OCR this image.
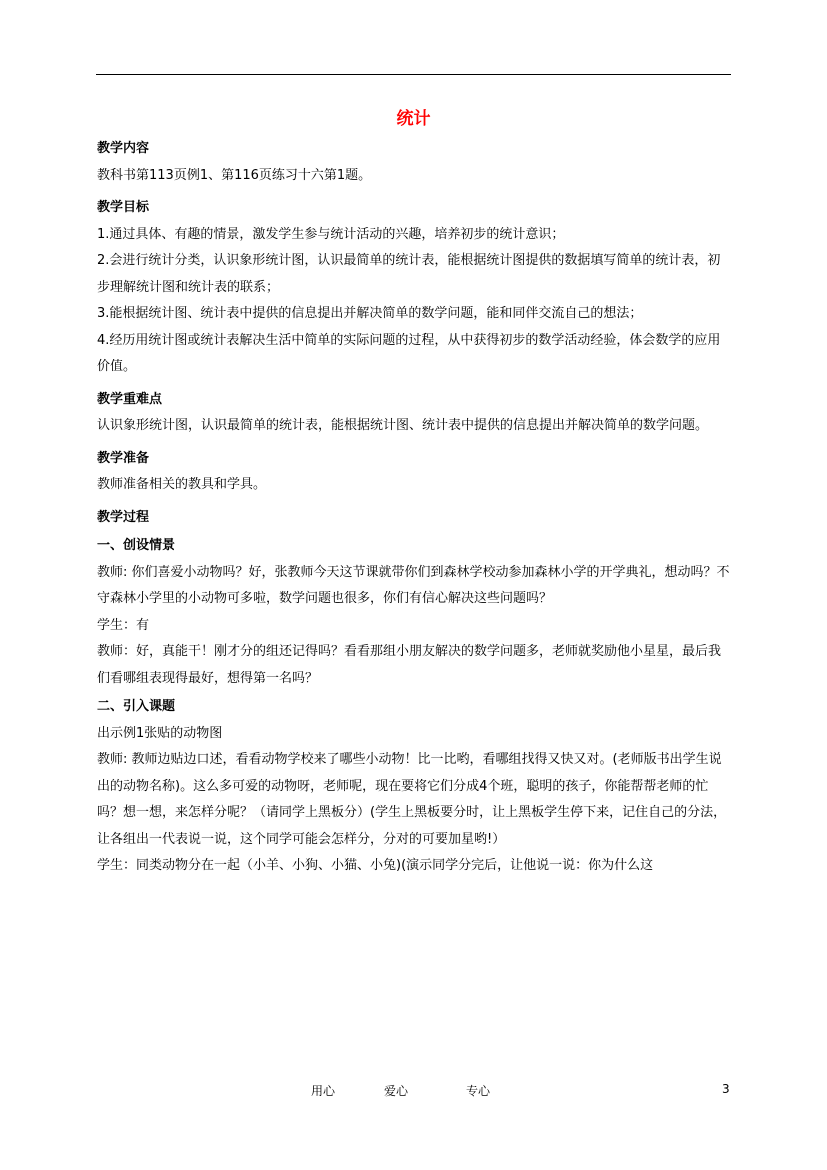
统计
教学内容

教科书第113页例1、第116页练习十六第1题。

教学目标

1.通过具体、有趣的情景，激发学生参与统计活动的兴趣，培养初步的统计意识；

2.会进行统计分类，认识象形统计图，认识最简单的统计表，能根据统计图提供的数据填写简单的统计表，初步理解统计图和统计表的联系；

3.能根据统计图、统计表中提供的信息提出并解决简单的数学问题，能和同伴交流自己的想法；

4.经历用统计图或统计表解决生活中简单的实际问题的过程，从中获得初步的数学活动经验，体会数学的应用价值。

教学重难点

认识象形统计图，认识最简单的统计表，能根据统计图、统计表中提供的信息提出并解决简单的数学问题。

教学准备

教师准备相关的教具和学具。

教学过程
一、创设情景

教师: 你们喜爱小动物吗？好，张教师今天这节课就带你们到森林学校动参加森林小学的开学典礼，想动吗？不守森林小学里的小动物可多啦，数学问题也很多，你们有信心解决这些问题吗？

学生：有

教师：好，真能干！刚才分的组还记得吗？看看那组小朋友解决的数学问题多，老师就奖励他小星星，最后我们看哪组表现得最好，想得第一名吗？

二、引入课题

出示例1张贴的动物图

教师: 教师边贴边口述，看看动物学校来了哪些小动物！比一比哟，看哪组找得又快又对。(老师版书出学生说出的动物名称)。这么多可爱的动物呀，老师呢，现在要将它们分成4个班，聪明的孩子，你能帮帮老师的忙吗？想一想，来怎样分呢？（请同学上黑板分）(学生上黑板要分时，让上黑板学生停下来，记住自己的分法，让各组出一代表说一说，这个同学可能会怎样分，分对的可要加星哟!）

学生：同类动物分在一起（小羊、小狗、小猫、小兔)(演示同学分完后，让他说一说：你为什么这

用心	爱心	专心	3
